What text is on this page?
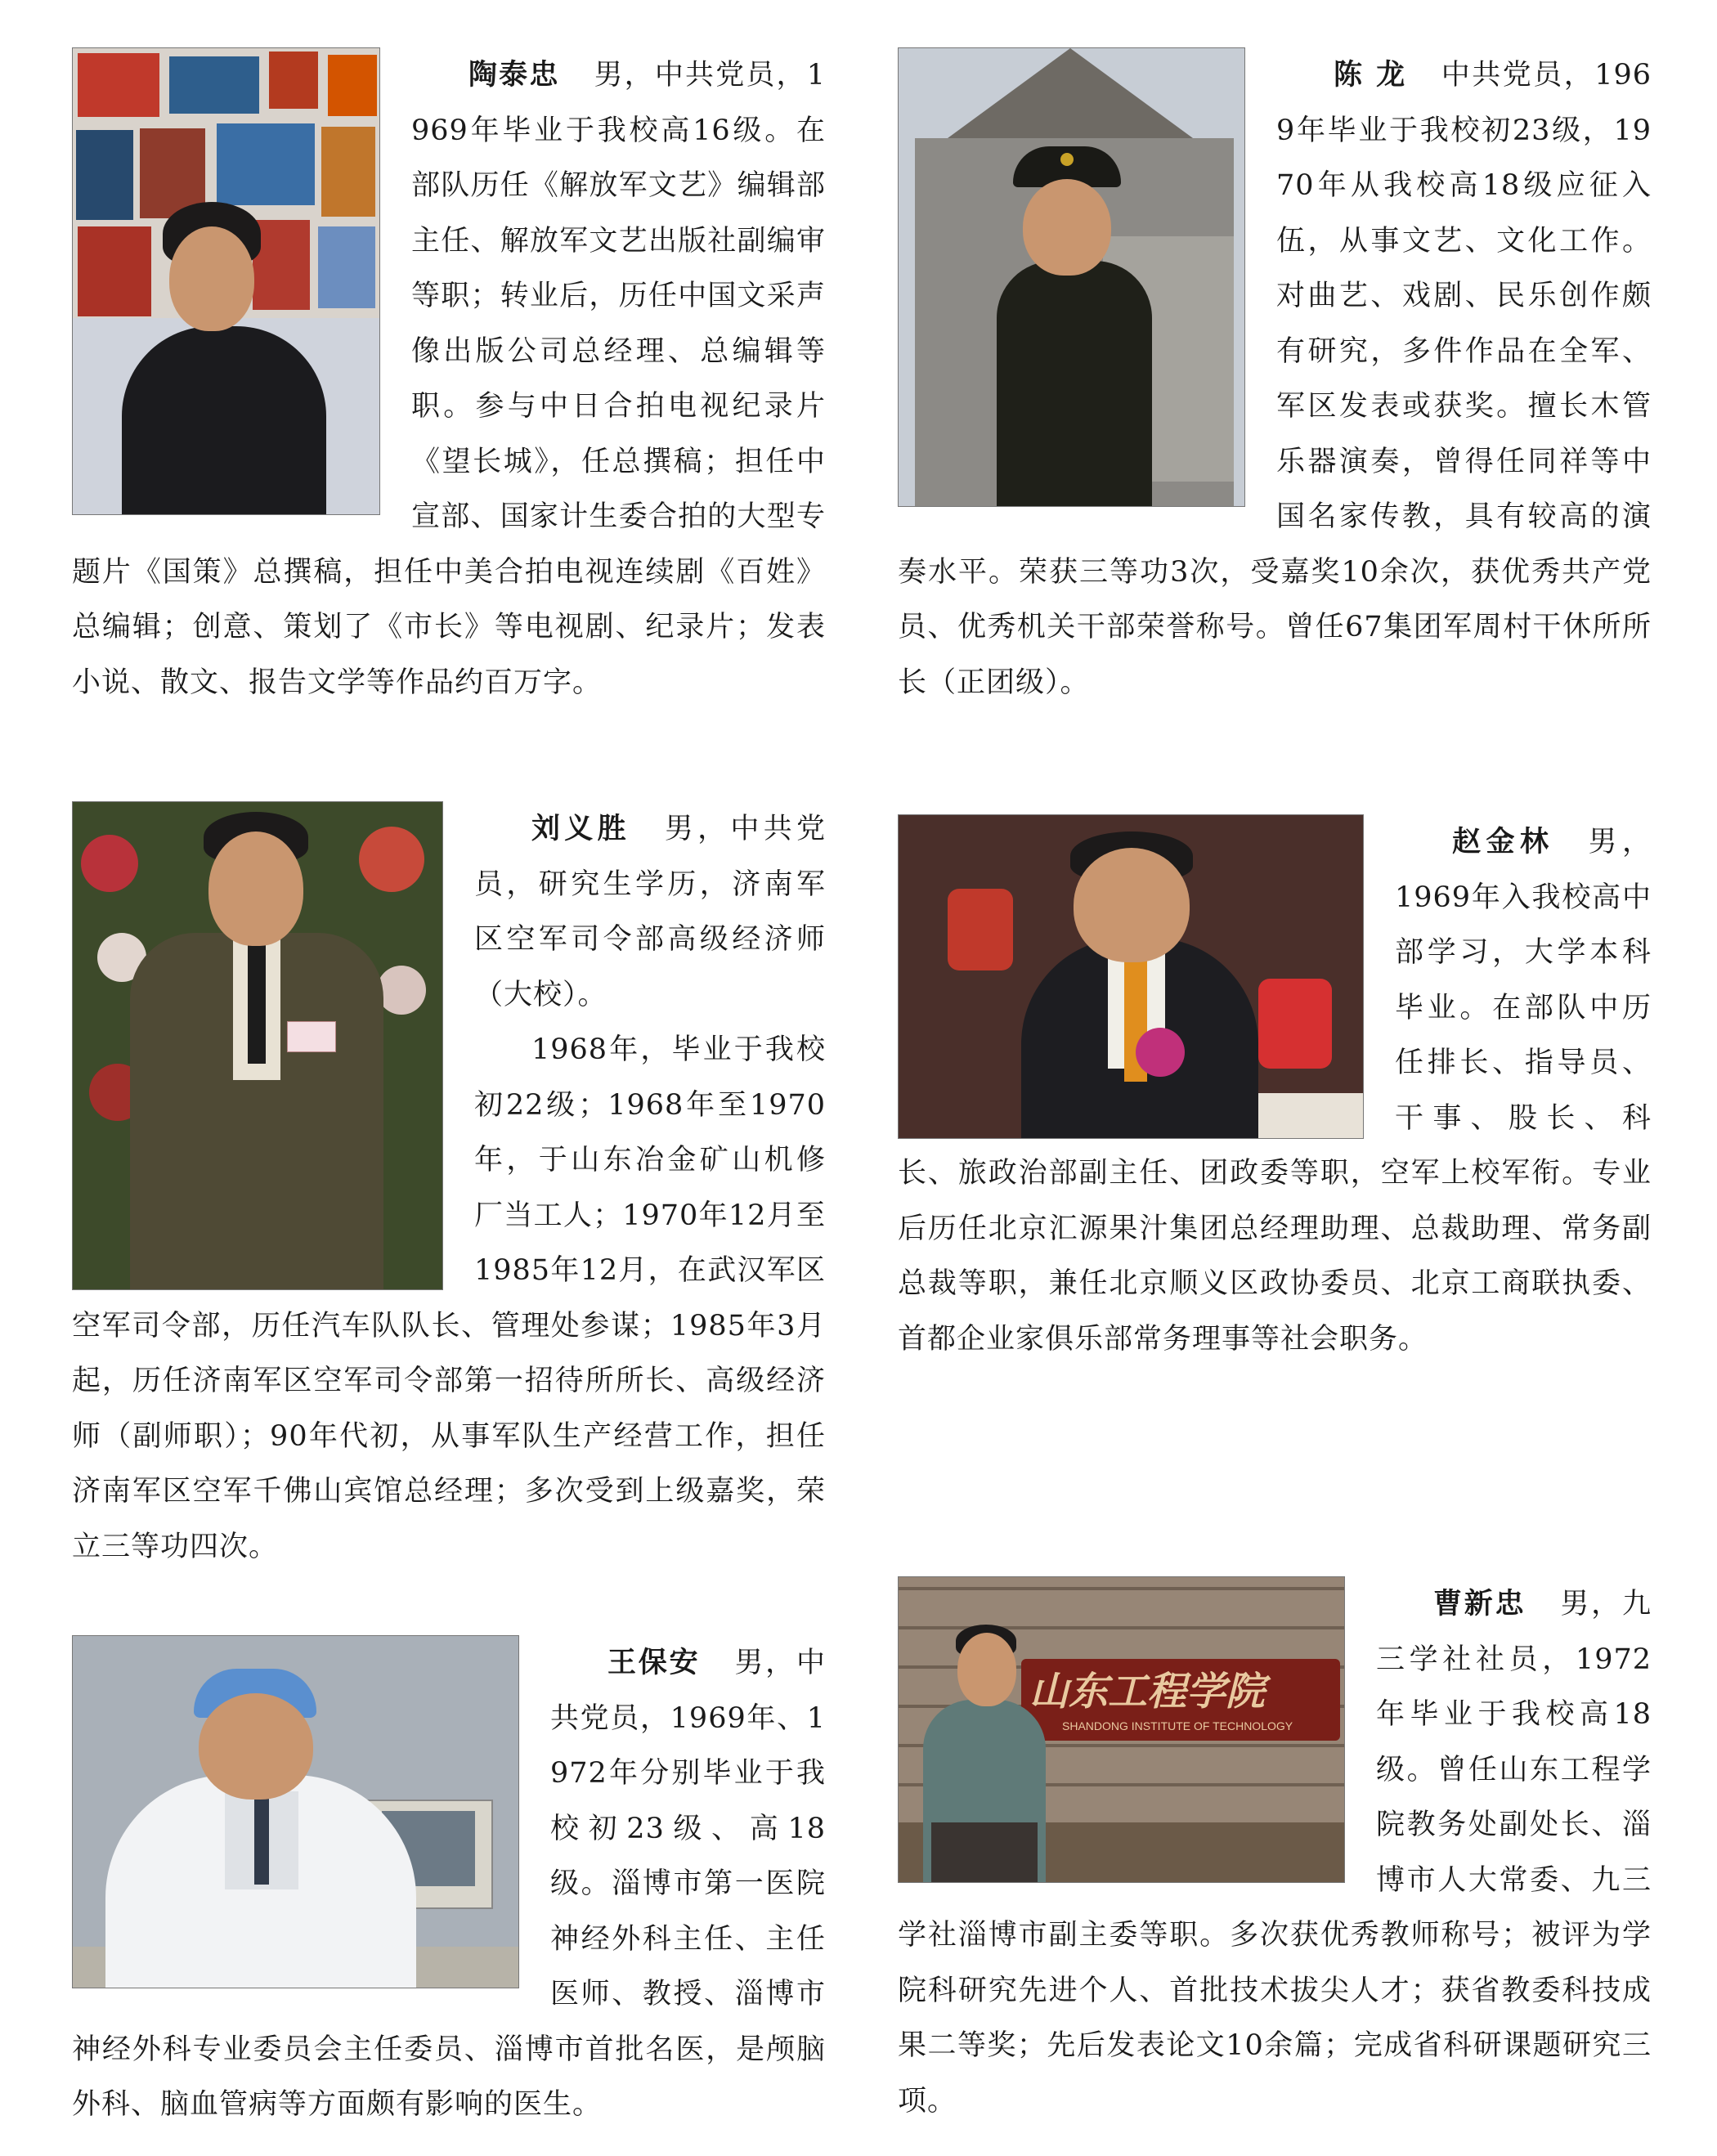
陶泰忠 男，中共党员，1969年毕业于我校高16级。在部队历任《解放军文艺》编辑部主任、解放军文艺出版社副编审等职；转业后，历任中国文采声像出版公司总经理、总编辑等职。参与中日合拍电视纪录片《望长城》，任总撰稿；担任中宣部、国家计生委合拍的大型专题片《国策》总撰稿，担任中美合拍电视连续剧《百姓》总编辑；创意、策划了《市长》等电视剧、纪录片；发表小说、散文、报告文学等作品约百万字。

刘义胜 男，中共党员，研究生学历，济南军区空军司令部高级经济师（大校）。
1968年，毕业于我校初22级；1968年至1970年，于山东冶金矿山机修厂当工人；1970年12月至1985年12月，在武汉军区空军司令部，历任汽车队队长、管理处参谋；1985年3月起，历任济南军区空军司令部第一招待所所长、高级经济师（副师职）；90年代初，从事军队生产经营工作，担任济南军区空军千佛山宾馆总经理；多次受到上级嘉奖，荣立三等功四次。

王保安 男，中共党员，1969年、1972年分别毕业于我校初23级、高18级。淄博市第一医院神经外科主任、主任医师、教授、淄博市神经外科专业委员会主任委员、淄博市首批名医，是颅脑外科、脑血管病等方面颇有影响的医生。

陈 龙 中共党员，1969年毕业于我校初23级，1970年从我校高18级应征入伍，从事文艺、文化工作。对曲艺、戏剧、民乐创作颇有研究，多件作品在全军、军区发表或获奖。擅长木管乐器演奏，曾得任同祥等中国名家传教，具有较高的演奏水平。荣获三等功3次，受嘉奖10余次，获优秀共产党员、优秀机关干部荣誉称号。曾任67集团军周村干休所所长（正团级）。

赵金林 男，1969年入我校高中部学习，大学本科毕业。在部队中历任排长、指导员、干事、股长、科长、旅政治部副主任、团政委等职，空军上校军衔。专业后历任北京汇源果汁集团总经理助理、总裁助理、常务副总裁等职，兼任北京顺义区政协委员、北京工商联执委、首都企业家俱乐部常务理事等社会职务。

山东工程学院
SHANDONG INSTITUTE OF TECHNOLOGY

曹新忠 男，九三学社社员，1972年毕业于我校高18级。曾任山东工程学院教务处副处长、淄博市人大常委、九三学社淄博市副主委等职。多次获优秀教师称号；被评为学院科研究先进个人、首批技术拔尖人才；获省教委科技成果二等奖；先后发表论文10余篇；完成省科研课题研究三项。
